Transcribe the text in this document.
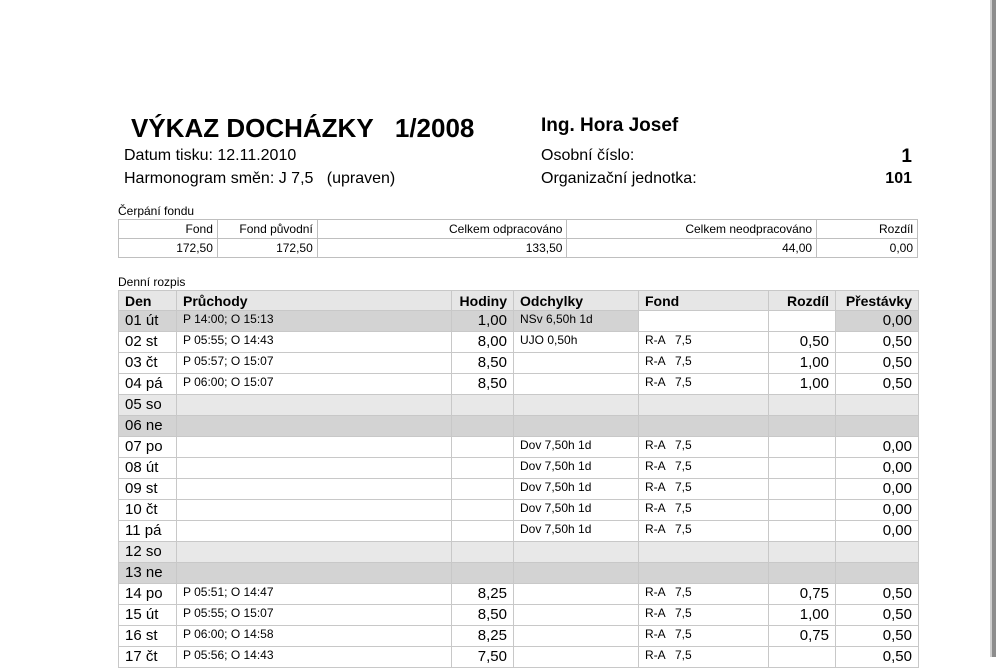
VÝKAZ DOCHÁZKY   1/2008	Ing. Hora Josef
Datum tisku: 12.11.2010
Harmonogram směn: J 7,5   (upraven)
Osobní číslo:	1
Organizační jednotka:	101
Čerpání fondu
Fond	Fond původní	Celkem odpracováno	Celkem neodpracováno	Rozdíl
172,50	172,50	133,50	44,00	0,00
Denní rozpis
Den	Průchody	Hodiny	Odchylky	Fond	Rozdíl	Přestávky
01 út	P 14:00; O 15:13	1,00	NSv 6,50h 1d			0,00
02 st	P 05:55; O 14:43	8,00	UJO 0,50h	R-A   7,5	0,50	0,50
03 čt	P 05:57; O 15:07	8,50		R-A   7,5	1,00	0,50
04 pá	P 06:00; O 15:07	8,50		R-A   7,5	1,00	0,50
05 so						
06 ne						
07 po			Dov 7,50h 1d	R-A   7,5		0,00
08 út			Dov 7,50h 1d	R-A   7,5		0,00
09 st			Dov 7,50h 1d	R-A   7,5		0,00
10 čt			Dov 7,50h 1d	R-A   7,5		0,00
11 pá			Dov 7,50h 1d	R-A   7,5		0,00
12 so						
13 ne						
14 po	P 05:51; O 14:47	8,25		R-A   7,5	0,75	0,50
15 út	P 05:55; O 15:07	8,50		R-A   7,5	1,00	0,50
16 st	P 06:00; O 14:58	8,25		R-A   7,5	0,75	0,50
17 čt	P 05:56; O 14:43	7,50		R-A   7,5		0,50
